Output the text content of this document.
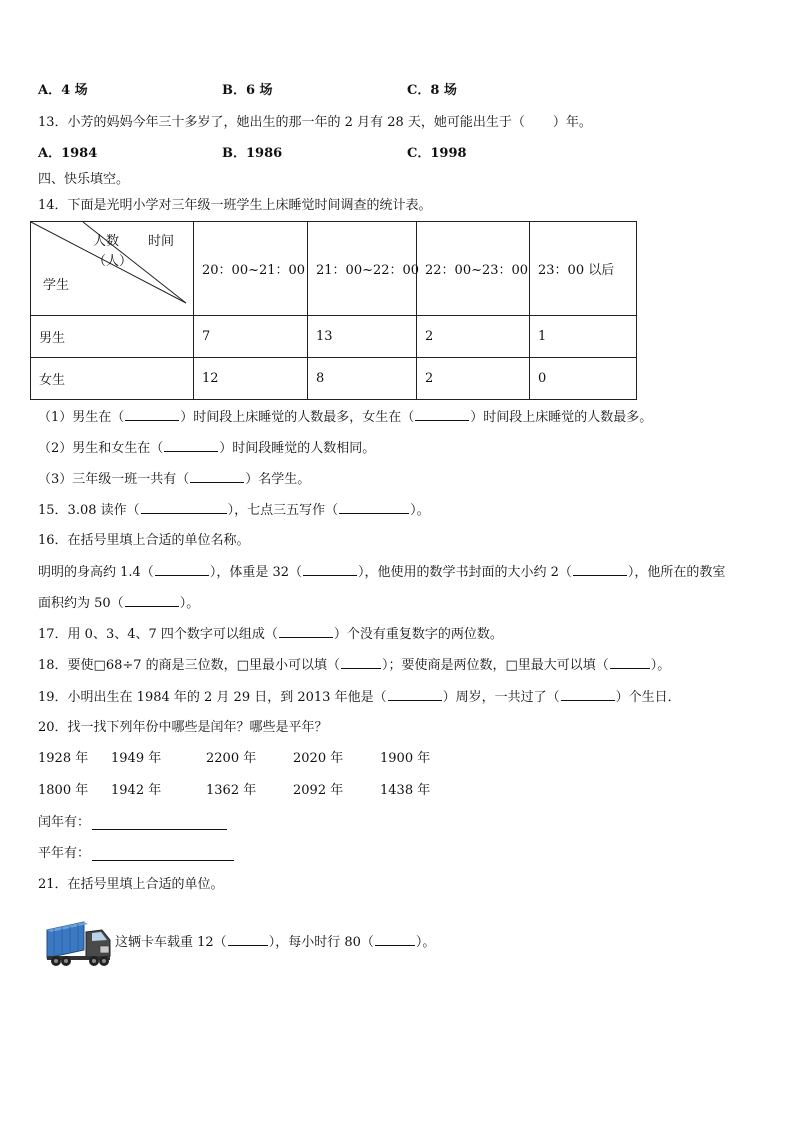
A．4 场	B．6 场	C．8 场
13．小芳的妈妈今年三十多岁了，她出生的那一年的 2 月有 28 天，她可能出生于（ ）年。
A．1984	B．1986	C．1998
四、快乐填空。
14．下面是光明小学对三年级一班学生上床睡觉时间调查的统计表。
人数 时间
（人）
学生	20：00~21：00	21：00~22：00	22：00~23：00	23：00 以后
男生	7	13	2	1
女生	12	8	2	0
（1）男生在（	）时间段上床睡觉的人数最多，女生在（	）时间段上床睡觉的人数最多。
（2）男生和女生在（	）时间段睡觉的人数相同。
（3）三年级一班一共有（	）名学生。
15．3.08 读作（	），七点三五写作（	）。
16．在括号里填上合适的单位名称。
明明的身高约 1.4（	），体重是 32（	），他使用的数学书封面的大小约 2（	），他所在的教室
面积约为 50（	）。
17．用 0、3、4、7 四个数字可以组成（	）个没有重复数字的两位数。
18．要使□68÷7 的商是三位数，□里最小可以填（	）；要使商是两位数，□里最大可以填（	）。
19．小明出生在 1984 年的 2 月 29 日，到 2013 年他是（	）周岁，一共过了（	）个生日．
20．找一找下列年份中哪些是闰年？哪些是平年？
1928 年 1949 年	2200 年	2020 年	1900 年
1800 年 1942 年	1362 年	2092 年	1438 年
闰年有：
平年有：
21．在括号里填上合适的单位。
这辆卡车载重 12（	），每小时行 80（	）。
